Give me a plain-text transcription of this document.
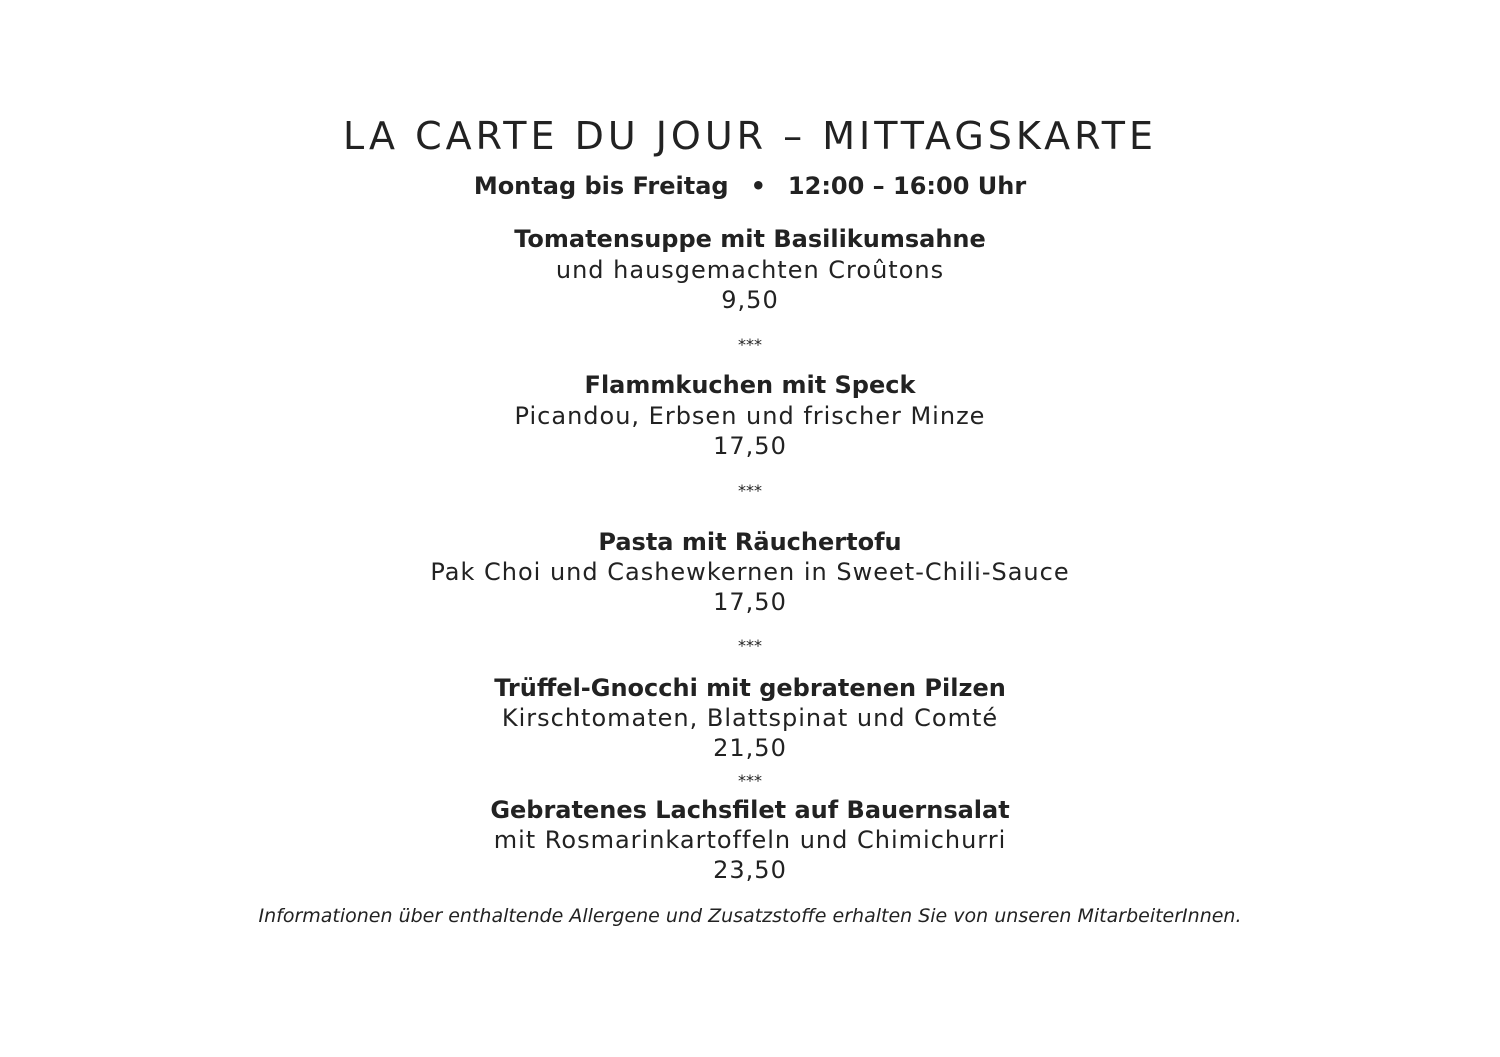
LA CARTE DU JOUR – MITTAGSKARTE
Montag bis Freitag • 12:00 – 16:00 Uhr
Tomatensuppe mit Basilikumsahne
und hausgemachten Croûtons
9,50
***
Flammkuchen mit Speck
Picandou, Erbsen und frischer Minze
17,50
***
Pasta mit Räuchertofu
Pak Choi und Cashewkernen in Sweet-Chili-Sauce
17,50
***
Trüffel-Gnocchi mit gebratenen Pilzen
Kirschtomaten, Blattspinat und Comté
21,50
***
Gebratenes Lachsfilet auf Bauernsalat
mit Rosmarinkartoffeln und Chimichurri
23,50
Informationen über enthaltende Allergene und Zusatzstoffe erhalten Sie von unseren MitarbeiterInnen.
